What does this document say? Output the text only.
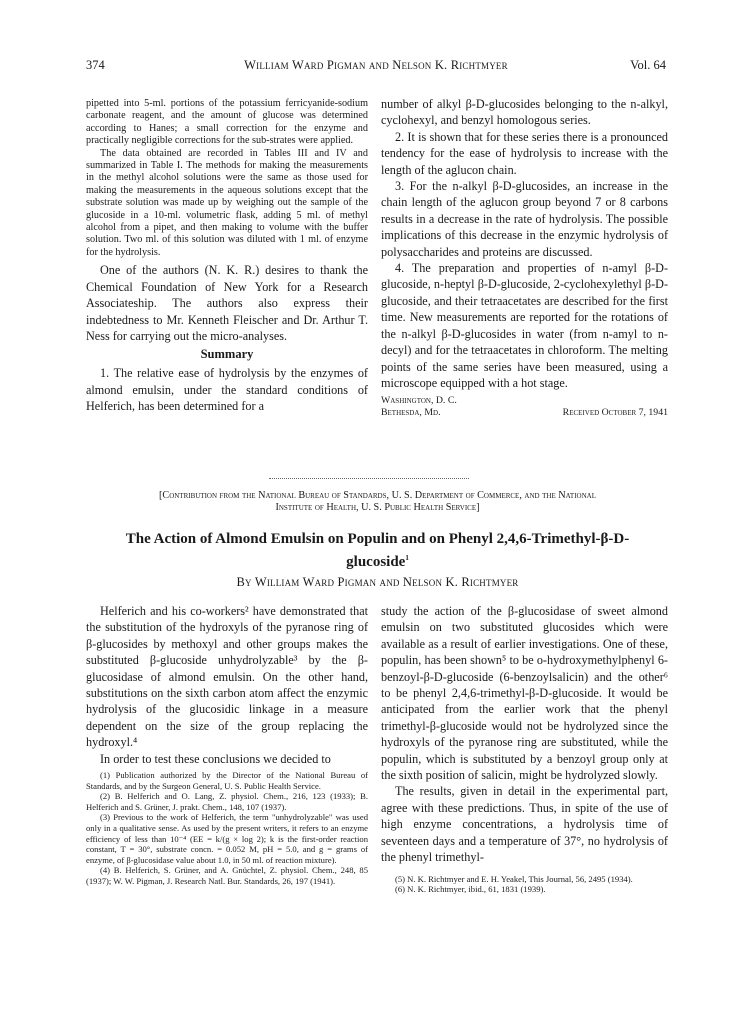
374	William Ward Pigman and Nelson K. Richtmyer	Vol. 64

pipetted into 5-ml. portions of the potassium ferricyanide-sodium carbonate reagent, and the amount of glucose was determined according to Hanes; a small correction for the enzyme and practically negligible corrections for the sub-strates were applied.

The data obtained are recorded in Tables III and IV and summarized in Table I. The methods for making the measurements in the methyl alcohol solutions were the same as those used for making the measurements in the aqueous solutions except that the substrate solution was made up by weighing out the sample of the glucoside in a 10-ml. volumetric flask, adding 5 ml. of methyl alcohol from a pipet, and then making to volume with the buffer solution. Two ml. of this solution was diluted with 1 ml. of enzyme for the hydrolysis.

One of the authors (N. K. R.) desires to thank the Chemical Foundation of New York for a Research Associateship. The authors also express their indebtedness to Mr. Kenneth Fleischer and Dr. Arthur T. Ness for carrying out the micro-analyses.

Summary

1. The relative ease of hydrolysis by the enzymes of almond emulsin, under the standard conditions of Helferich, has been determined for a

number of alkyl β-D-glucosides belonging to the n-alkyl, cyclohexyl, and benzyl homologous series.

2. It is shown that for these series there is a pronounced tendency for the ease of hydrolysis to increase with the length of the aglucon chain.

3. For the n-alkyl β-D-glucosides, an increase in the chain length of the aglucon group beyond 7 or 8 carbons results in a decrease in the rate of hydrolysis. The possible implications of this decrease in the enzymic hydrolysis of polysaccharides and proteins are discussed.

4. The preparation and properties of n-amyl β-D-glucoside, n-heptyl β-D-glucoside, 2-cyclohexylethyl β-D-glucoside, and their tetraacetates are described for the first time. New measurements are reported for the rotations of the n-alkyl β-D-glucosides in water (from n-amyl to n-decyl) and for the tetraacetates in chloroform. The melting points of the same series have been measured, using a microscope equipped with a hot stage.

Washington, D. C.
Bethesda, Md.	Received October 7, 1941
[Contribution from the National Bureau of Standards, U. S. Department of Commerce, and the National
Institute of Health, U. S. Public Health Service]
The Action of Almond Emulsin on Populin and on Phenyl 2,4,6-Trimethyl-β-D-
glucoside$^1$
By William Ward Pigman and Nelson K. Richtmyer

Helferich and his co-workers² have demonstrated that the substitution of the hydroxyls of the pyranose ring of β-glucosides by methoxyl and other groups makes the substituted β-glucoside unhydrolyzable³ by the β-glucosidase of almond emulsin. On the other hand, substitutions on the sixth carbon atom affect the enzymic hydrolysis of the glucosidic linkage in a measure dependent on the size of the group replacing the hydroxyl.⁴

In order to test these conclusions we decided to

(1) Publication authorized by the Director of the National Bureau of Standards, and by the Surgeon General, U. S. Public Health Service.

(2) B. Helferich and O. Lang, Z. physiol. Chem., 216, 123 (1933); B. Helferich and S. Grüner, J. prakt. Chem., 148, 107 (1937).

(3) Previous to the work of Helferich, the term "unhydrolyzable" was used only in a qualitative sense. As used by the present writers, it refers to an enzyme efficiency of less than 10⁻⁴ (EE = k/(g × log 2); k is the first-order reaction constant, T = 30°, substrate concn. = 0.052 M, pH = 5.0, and g = grams of enzyme, of β-glucosidase value about 1.0, in 50 ml. of reaction mixture).

(4) B. Helferich, S. Grüner, and A. Gnüchtel, Z. physiol. Chem., 248, 85 (1937); W. W. Pigman, J. Research Natl. Bur. Standards, 26, 197 (1941).

study the action of the β-glucosidase of sweet almond emulsin on two substituted glucosides which were available as a result of earlier investigations. One of these, populin, has been shown⁵ to be o-hydroxymethylphenyl 6-benzoyl-β-D-glucoside (6-benzoylsalicin) and the other⁶ to be phenyl 2,4,6-trimethyl-β-D-glucoside. It would be anticipated from the earlier work that the phenyl trimethyl-β-glucoside would not be hydrolyzed since the hydroxyls of the pyranose ring are substituted, while the populin, which is substituted by a benzoyl group only at the sixth position of salicin, might be hydrolyzed slowly.

The results, given in detail in the experimental part, agree with these predictions. Thus, in spite of the use of high enzyme concentrations, a hydrolysis time of seventeen days and a temperature of 37°, no hydrolysis of the phenyl trimethyl-

(5) N. K. Richtmyer and E. H. Yeakel, This Journal, 56, 2495 (1934).

(6) N. K. Richtmyer, ibid., 61, 1831 (1939).
